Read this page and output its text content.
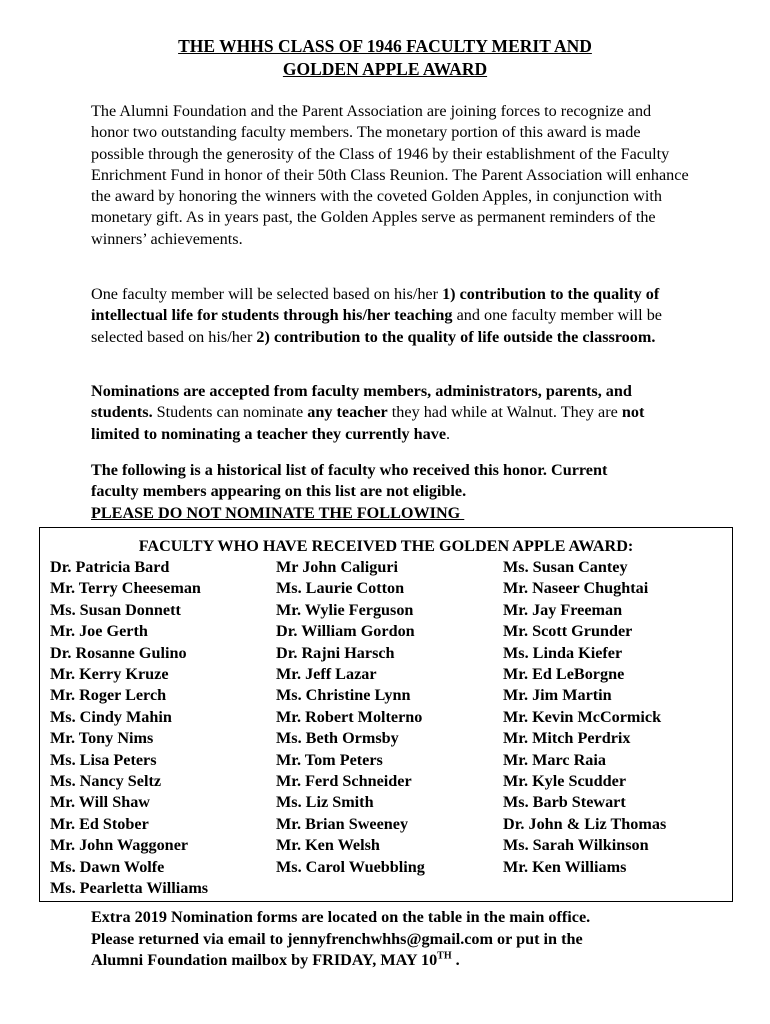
THE WHHS CLASS OF 1946 FACULTY MERIT AND
GOLDEN APPLE AWARD

The Alumni Foundation and the Parent Association are joining forces to recognize and honor two outstanding faculty members. The monetary portion of this award is made possible through the generosity of the Class of 1946 by their establishment of the Faculty Enrichment Fund in honor of their 50th Class Reunion. The Parent Association will enhance the award by honoring the winners with the coveted Golden Apples, in conjunction with monetary gift. As in years past, the Golden Apples serve as permanent reminders of the winners’ achievements.

One faculty member will be selected based on his/her 1) contribution to the quality of intellectual life for students through his/her teaching and one faculty member will be selected based on his/her 2) contribution to the quality of life outside the classroom.

Nominations are accepted from faculty members, administrators, parents, and students. Students can nominate any teacher they had while at Walnut. They are not limited to nominating a teacher they currently have.

The following is a historical list of faculty who received this honor. Current
faculty members appearing on this list are not eligible.
PLEASE DO NOT NOMINATE THE FOLLOWING

FACULTY WHO HAVE RECEIVED THE GOLDEN APPLE AWARD:
Dr. Patricia Bard
Mr. Terry Cheeseman
Ms. Susan Donnett
Mr. Joe Gerth
Dr. Rosanne Gulino
Mr. Kerry Kruze
Mr. Roger Lerch
Ms. Cindy Mahin
Mr. Tony Nims
Ms. Lisa Peters
Ms. Nancy Seltz
Mr. Will Shaw
Mr. Ed Stober
Mr. John Waggoner
Ms. Dawn Wolfe
Ms. Pearletta Williams
Mr John Caliguri
Ms. Laurie Cotton
Mr. Wylie Ferguson
Dr. William Gordon
Dr. Rajni Harsch
Mr. Jeff Lazar
Ms. Christine Lynn
Mr. Robert Molterno
Ms. Beth Ormsby
Mr. Tom Peters
Mr. Ferd Schneider
Ms. Liz Smith
Mr. Brian Sweeney
Mr. Ken Welsh
Ms. Carol Wuebbling
Ms. Susan Cantey
Mr. Naseer Chughtai
Mr. Jay Freeman
Mr. Scott Grunder
Ms. Linda Kiefer
Mr. Ed LeBorgne
Mr. Jim Martin
Mr. Kevin McCormick
Mr. Mitch Perdrix
Mr. Marc Raia
Mr. Kyle Scudder
Ms. Barb Stewart
Dr. John & Liz Thomas
Ms. Sarah Wilkinson
Mr. Ken Williams

Extra 2019 Nomination forms are located on the table in the main office.

Please returned via email to jennyfrenchwhhs@gmail.com or put in the

Alumni Foundation mailbox by FRIDAY, MAY 10TH .
